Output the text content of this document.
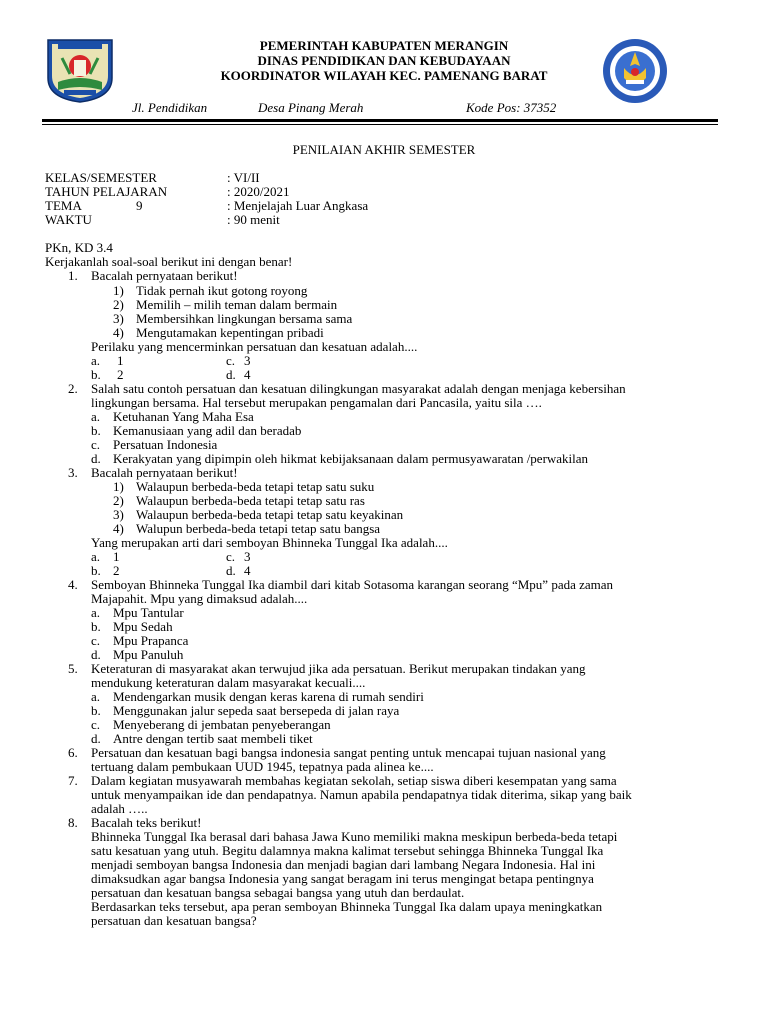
PEMERINTAH KABUPATEN MERANGIN
DINAS PENDIDIKAN DAN KEBUDAYAAN
KOORDINATOR WILAYAH KEC. PAMENANG BARAT
Jl. Pendidikan	Desa Pinang Merah	Kode Pos: 37352
PENILAIAN AKHIR SEMESTER
KELAS/SEMESTER	: VI/II
TAHUN PELAJARAN	: 2020/2021
TEMA	9	: Menjelajah Luar Angkasa
WAKTU	: 90 menit
PKn, KD 3.4
Kerjakanlah soal-soal berikut ini dengan benar!
1. Bacalah pernyataan berikut!
1) Tidak pernah ikut gotong royong
2) Memilih – milih teman dalam bermain
3) Membersihkan lingkungan bersama sama
4) Mengutamakan kepentingan pribadi
Perilaku yang mencerminkan persatuan dan kesatuan adalah....
a. 1	c. 3
b. 2	d. 4
2. Salah satu contoh persatuan dan kesatuan dilingkungan masyarakat adalah dengan menjaga kebersihan
lingkungan bersama. Hal tersebut merupakan pengamalan dari Pancasila, yaitu sila ….
a. Ketuhanan Yang Maha Esa
b. Kemanusiaan yang adil dan beradab
c. Persatuan Indonesia
d. Kerakyatan yang dipimpin oleh hikmat kebijaksanaan dalam permusyawaratan /perwakilan
3. Bacalah pernyataan berikut!
1) Walaupun berbeda-beda tetapi tetap satu suku
2) Walaupun berbeda-beda tetapi tetap satu ras
3) Walaupun berbeda-beda tetapi tetap satu keyakinan
4) Walupun berbeda-beda tetapi tetap satu bangsa
Yang merupakan arti dari semboyan Bhinneka Tunggal Ika adalah....
a. 1	c. 3
b. 2	d. 4
4. Semboyan Bhinneka Tunggal Ika diambil dari kitab Sotasoma karangan seorang “Mpu” pada zaman
Majapahit. Mpu yang dimaksud adalah....
a. Mpu Tantular
b. Mpu Sedah
c. Mpu Prapanca
d. Mpu Panuluh
5. Keteraturan di masyarakat akan terwujud jika ada persatuan. Berikut merupakan tindakan yang
mendukung keteraturan dalam masyarakat kecuali....
a. Mendengarkan musik dengan keras karena di rumah sendiri
b. Menggunakan jalur sepeda saat bersepeda di jalan raya
c. Menyeberang di jembatan penyeberangan
d. Antre dengan tertib saat membeli tiket
6. Persatuan dan kesatuan bagi bangsa indonesia sangat penting untuk mencapai tujuan nasional yang
tertuang dalam pembukaan UUD 1945, tepatnya pada alinea ke....
7. Dalam kegiatan musyawarah membahas kegiatan sekolah, setiap siswa diberi kesempatan yang sama
untuk menyampaikan ide dan pendapatnya. Namun apabila pendapatnya tidak diterima, sikap yang baik
adalah …..
8. Bacalah teks berikut!
Bhinneka Tunggal Ika berasal dari bahasa Jawa Kuno memiliki makna meskipun berbeda-beda tetapi
satu kesatuan yang utuh. Begitu dalamnya makna kalimat tersebut sehingga Bhinneka Tunggal Ika
menjadi semboyan bangsa Indonesia dan menjadi bagian dari lambang Negara Indonesia. Hal ini
dimaksudkan agar bangsa Indonesia yang sangat beragam ini terus mengingat betapa pentingnya
persatuan dan kesatuan bangsa sebagai bangsa yang utuh dan berdaulat.
Berdasarkan teks tersebut, apa peran semboyan Bhinneka Tunggal Ika dalam upaya meningkatkan
persatuan dan kesatuan bangsa?
